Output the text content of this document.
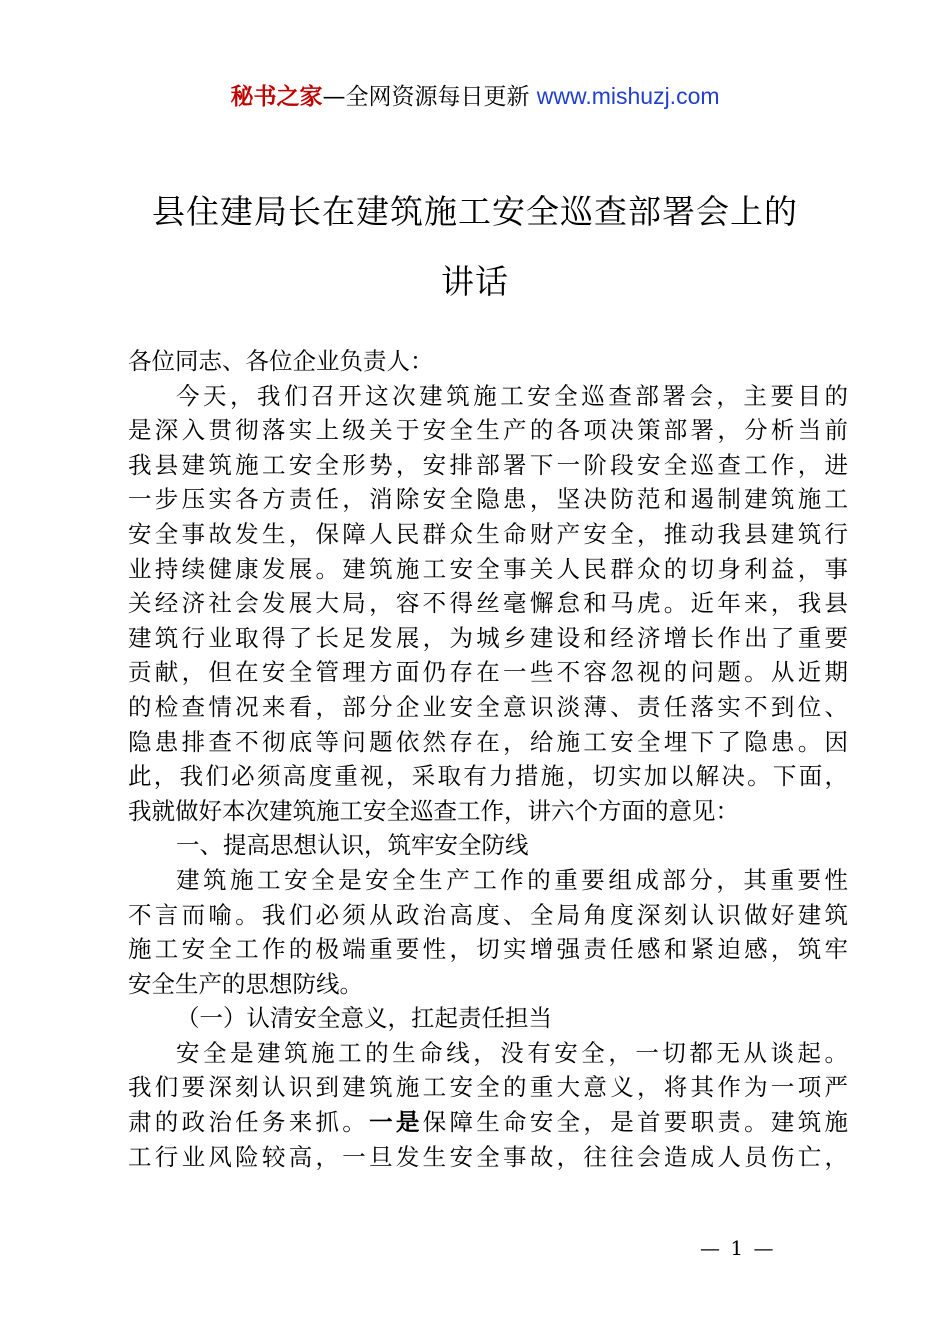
秘书之家—全网资源每日更新 www.mishuzj.com
县住建局长在建筑施工安全巡查部署会上的
讲话
各位同志、各位企业负责人：
今天，我们召开这次建筑施工安全巡查部署会，主要目的
是深入贯彻落实上级关于安全生产的各项决策部署，分析当前
我县建筑施工安全形势，安排部署下一阶段安全巡查工作，进
一步压实各方责任，消除安全隐患，坚决防范和遏制建筑施工
安全事故发生，保障人民群众生命财产安全，推动我县建筑行
业持续健康发展。建筑施工安全事关人民群众的切身利益，事
关经济社会发展大局，容不得丝毫懈怠和马虎。近年来，我县
建筑行业取得了长足发展，为城乡建设和经济增长作出了重要
贡献，但在安全管理方面仍存在一些不容忽视的问题。从近期
的检查情况来看，部分企业安全意识淡薄、责任落实不到位、
隐患排查不彻底等问题依然存在，给施工安全埋下了隐患。因
此，我们必须高度重视，采取有力措施，切实加以解决。下面，
我就做好本次建筑施工安全巡查工作，讲六个方面的意见：
一、提高思想认识，筑牢安全防线
建筑施工安全是安全生产工作的重要组成部分，其重要性
不言而喻。我们必须从政治高度、全局角度深刻认识做好建筑
施工安全工作的极端重要性，切实增强责任感和紧迫感，筑牢
安全生产的思想防线。
（一）认清安全意义，扛起责任担当
安全是建筑施工的生命线，没有安全，一切都无从谈起。
我们要深刻认识到建筑施工安全的重大意义，将其作为一项严
肃的政治任务来抓。一是保障生命安全，是首要职责。建筑施
工行业风险较高，一旦发生安全事故，往往会造成人员伤亡，
— 1 —
